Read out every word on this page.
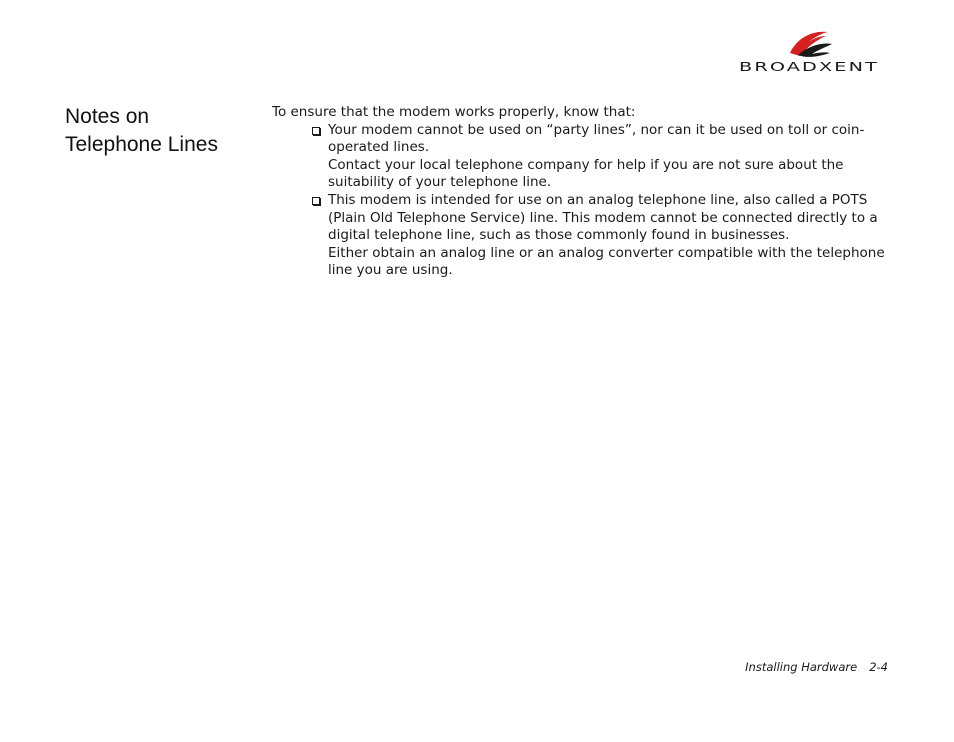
BROADXENT
Notes on
Telephone Lines

To ensure that the modem works properly, know that:

Your modem cannot be used on “party lines”, nor can it be used on toll or coin-operated lines.

Contact your local telephone company for help if you are not sure about the suitability of your telephone line.

This modem is intended for use on an analog telephone line, also called a POTS (Plain Old Telephone Service) line. This modem cannot be connected directly to a digital telephone line, such as those commonly found in businesses.

Either obtain an analog line or an analog converter compatible with the telephone line you are using.

Installing Hardware 2-4
